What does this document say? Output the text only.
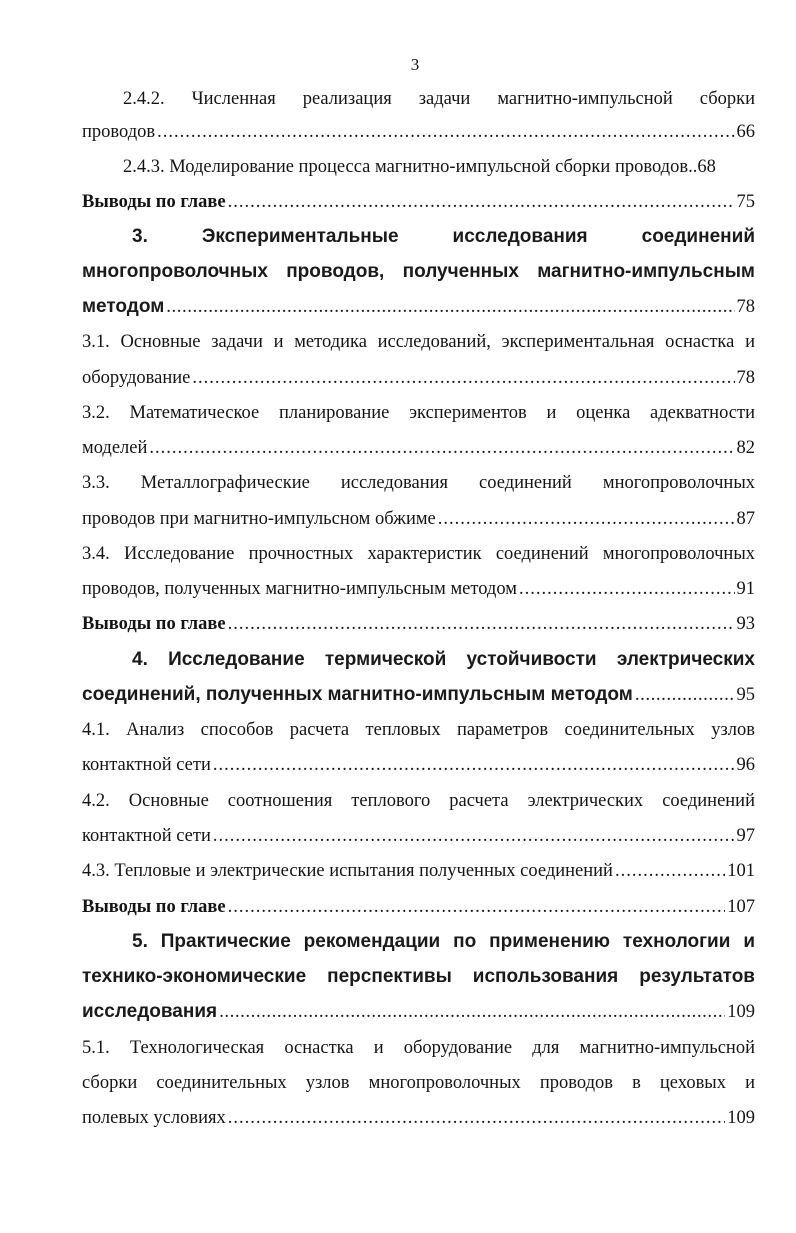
3
2.4.2. Численная реализация задачи магнитно-импульсной сборки
проводов .....	66
2.4.3. Моделирование процесса магнитно-импульсной сборки проводов.. 68
Выводы по главе .....	75
3. Экспериментальные исследования соединений
многопроволочных проводов, полученных магнитно-импульсным
методом .....	78
3.1. Основные задачи и методика исследований, экспериментальная оснастка и
оборудование .....	78
3.2. Математическое планирование экспериментов и оценка адекватности
моделей .....	82
3.3. Металлографические исследования соединений многопроволочных
проводов при магнитно-импульсном обжиме .....	87
3.4. Исследование прочностных характеристик соединений многопроволочных
проводов, полученных магнитно-импульсным методом .....	91
Выводы по главе .....	93
4. Исследование термической устойчивости электрических
соединений, полученных магнитно-импульсным методом .....	95
4.1. Анализ способов расчета тепловых параметров соединительных узлов
контактной сети .....	96
4.2. Основные соотношения теплового расчета электрических соединений
контактной сети .....	97
4.3. Тепловые и электрические испытания полученных соединений .....	101
Выводы по главе .....	107
5. Практические рекомендации по применению технологии и
технико-экономические перспективы использования результатов
исследования .....	109
5.1. Технологическая оснастка и оборудование для магнитно-импульсной
сборки соединительных узлов многопроволочных проводов в цеховых и
полевых условиях .....	109
